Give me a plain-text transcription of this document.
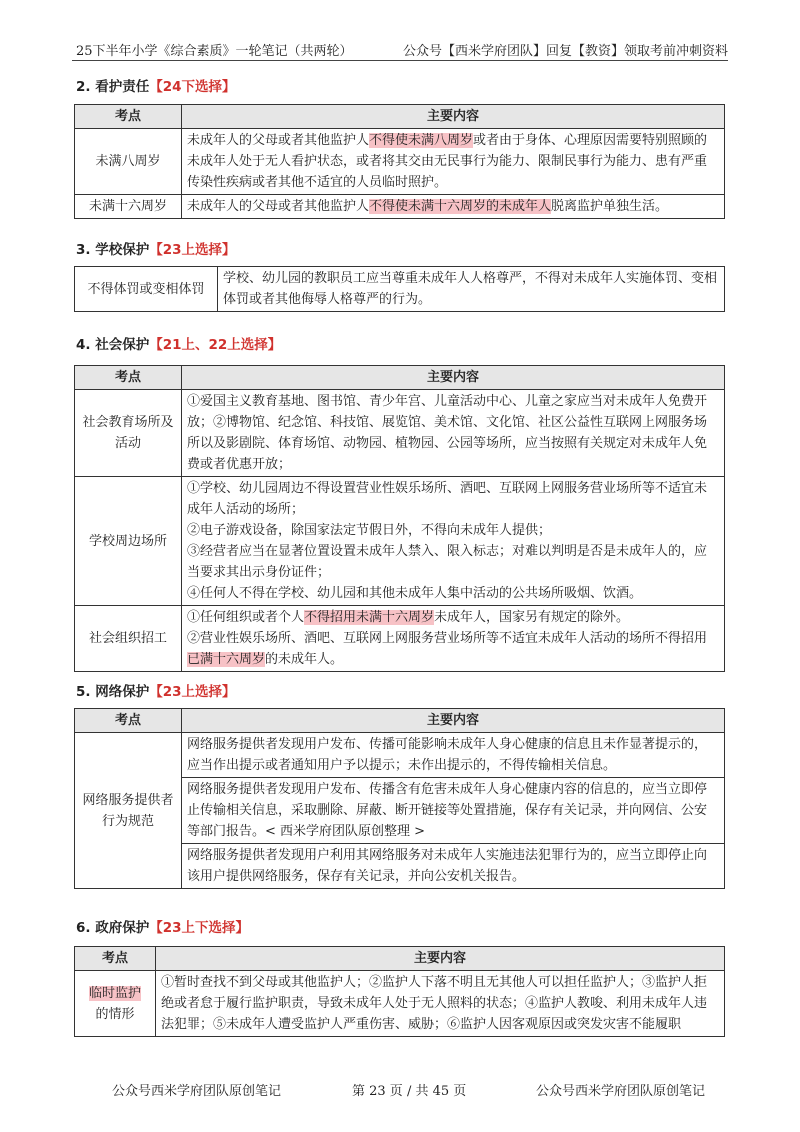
25下半年小学《综合素质》一轮笔记（共两轮）	公众号【西米学府团队】回复【教资】领取考前冲刺资料
2. 看护责任【24下选择】
考点	主要内容
未满八周岁	未成年人的父母或者其他监护人不得使未满八周岁或者由于身体、心理原因需要特别照顾的未成年人处于无人看护状态，或者将其交由无民事行为能力、限制民事行为能力、患有严重传染性疾病或者其他不适宜的人员临时照护。
未满十六周岁	未成年人的父母或者其他监护人不得使未满十六周岁的未成年人脱离监护单独生活。
3. 学校保护【23上选择】
不得体罚或变相体罚	学校、幼儿园的教职员工应当尊重未成年人人格尊严，不得对未成年人实施体罚、变相体罚或者其他侮辱人格尊严的行为。
4. 社会保护【21上、22上选择】
考点	主要内容
社会教育场所及活动	①爱国主义教育基地、图书馆、青少年宫、儿童活动中心、儿童之家应当对未成年人免费开放；②博物馆、纪念馆、科技馆、展览馆、美术馆、文化馆、社区公益性互联网上网服务场所以及影剧院、体育场馆、动物园、植物园、公园等场所，应当按照有关规定对未成年人免费或者优惠开放；
学校周边场所	①学校、幼儿园周边不得设置营业性娱乐场所、酒吧、互联网上网服务营业场所等不适宜未成年人活动的场所；
②电子游戏设备，除国家法定节假日外，不得向未成年人提供；
③经营者应当在显著位置设置未成年人禁入、限入标志；对难以判明是否是未成年人的，应当要求其出示身份证件；
④任何人不得在学校、幼儿园和其他未成年人集中活动的公共场所吸烟、饮酒。

社会组织招工	①任何组织或者个人不得招用未满十六周岁未成年人，国家另有规定的除外。
②营业性娱乐场所、酒吧、互联网上网服务营业场所等不适宜未成年人活动的场所不得招用已满十六周岁的未成年人。
5. 网络保护【23上选择】
考点	主要内容
网络服务提供者行为规范	网络服务提供者发现用户发布、传播可能影响未成年人身心健康的信息且未作显著提示的，应当作出提示或者通知用户予以提示；未作出提示的，不得传输相关信息。
	网络服务提供者发现用户发布、传播含有危害未成年人身心健康内容的信息的，应当立即停止传输相关信息，采取删除、屏蔽、断开链接等处置措施，保存有关记录，并向网信、公安等部门报告。< 西米学府团队原创整理 >
	网络服务提供者发现用户利用其网络服务对未成年人实施违法犯罪行为的，应当立即停止向该用户提供网络服务，保存有关记录，并向公安机关报告。
6. 政府保护【23上下选择】
考点	主要内容
临时监护
的情形	①暂时查找不到父母或其他监护人；②监护人下落不明且无其他人可以担任监护人；③监护人拒绝或者怠于履行监护职责，导致未成年人处于无人照料的状态；④监护人教唆、利用未成年人违法犯罪；⑤未成年人遭受监护人严重伤害、威胁；⑥监护人因客观原因或突发灾害不能履职
公众号西米学府团队原创笔记	第 23 页 / 共 45 页	公众号西米学府团队原创笔记
